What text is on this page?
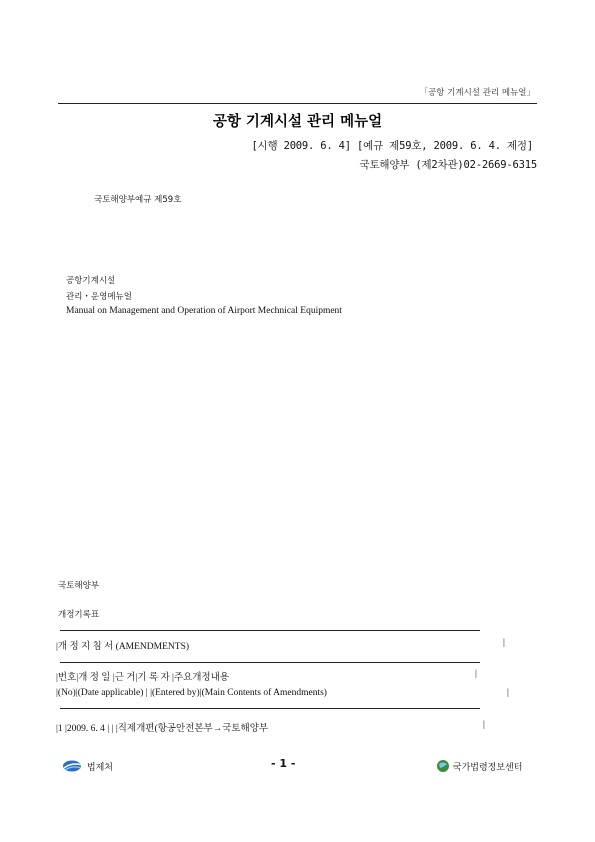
「공항 기계시설 관리 메뉴얼」
공항 기계시설 관리 메뉴얼
[시행 2009. 6. 4] [예규 제59호, 2009. 6. 4. 제정]
국토해양부 (제2차관)02-2669-6315
국토해양부예규 제59호
공항기계시설
관리・운영메뉴얼
Manual on Management and Operation of Airport Mechnical Equipment
국토해양부
개정기록표
|개 정 지 침 서 (AMENDMENTS)	|
|번호|개 정 일 |근 거|기 록 자 |주요개정내용	|
|(No)|(Date applicable) | |(Entered by)|(Main Contents of Amendments)	|
|1 |2009. 6. 4 | | |직제개편(항공안전본부→국토해양부	|
법제처	- 1 -	국가법령정보센터
